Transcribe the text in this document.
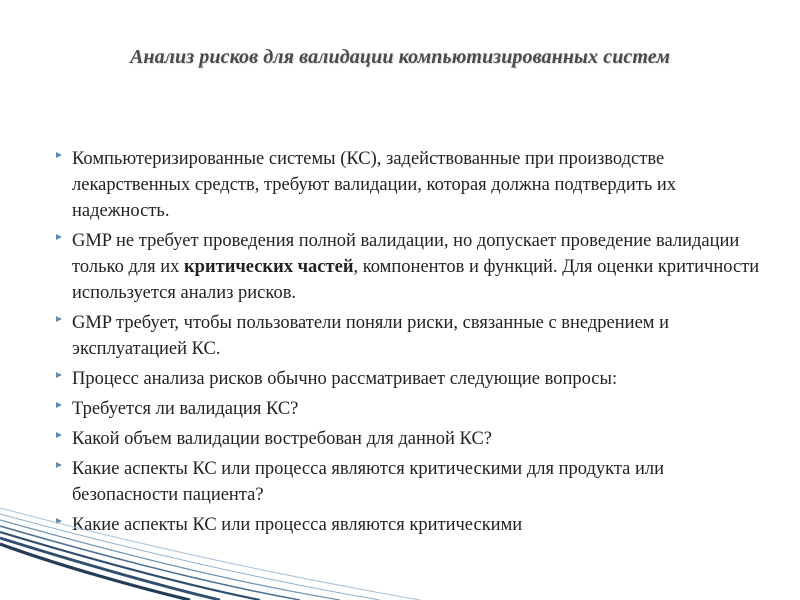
Анализ рисков для валидации компьютизированных систем
Компьютеризированные системы (КС), задействованные при производстве лекарственных средств, требуют валидации, которая должна подтвердить их надежность.
GMP не требует проведения полной валидации, но допускает проведение валидации только для их критических частей, компонентов и функций. Для оценки критичности используется анализ рисков.
GMP требует, чтобы пользователи поняли риски, связанные с внедрением и эксплуатацией КС.
Процесс анализа рисков обычно рассматривает следующие вопросы:
Требуется ли валидация КС?
Какой объем валидации востребован для данной КС?
Какие аспекты КС или процесса являются критическими для продукта или безопасности пациента?
Какие аспекты КС или процесса являются критическими
